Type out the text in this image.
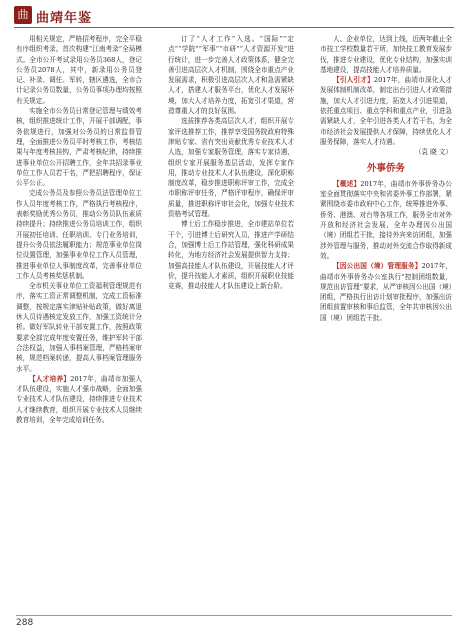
曲 曲靖年鉴

用相关规定，严格招考程序，完全平稳有序组织考录。首次构建“江南考录”全局模式。全市公开考试录用公务员368人，登记公务员2078人，其中，新录用公务员登记、补录、调任、军转，辖区遴选，全市合计记录公务员数量，公务员事项办理均按照有关规定。

实施全市公务员日常登记管理与绩效考核，组织推进统计工作，开展干部调配，事务依规进行，加强对公务员的日常监督管理，全面推进公务员平时考核工作，考核结果与年度考核挂钩，严肃考核纪律，持续推进事业单位公开招聘工作，全年共招录事业单位工作人员若干名，严把招聘程序，保证公平公正。

完成公务员及参照公务员法管理单位工作人员年度考核工作，严格执行考核程序，表彰奖励优秀公务员，推动公务员队伍素质持续提升；持续推进公务员培训工作，组织开展初任培训、任职培训、专门业务培训，提升公务员依法履职能力；规范事业单位岗位设置管理，加强事业单位工作人员管理，推进事业单位人事制度改革，完善事业单位工作人员考核奖惩机制。

全市机关事业单位工资福利管理规范有序，落实工资正常调整机制，完成工资标准调整，按规定落实津贴补贴政策，做好离退休人员待遇核定发放工作，加强工资统计分析。做好军队转业干部安置工作，按照政策要求全部完成年度安置任务，维护军转干部合法权益，加强人事档案管理，严格档案审核，规范档案转递，提高人事档案管理服务水平。

【人才培养】2017年，曲靖市加强人才队伍建设，实施人才强市战略，全面加强专业技术人才队伍建设，持续推进专业技术人才继续教育，组织开展专业技术人员继续教育培训，全年完成培训任务。

订了“人才工作”入选。“国际”“定点”“学院”“军事”“市研”“人才资源开发”进行统计，进一步完善人才政策体系，健全完善引进高层次人才机制，围绕全市重点产业发展需求，积极引进高层次人才和急需紧缺人才，搭建人才服务平台，优化人才发展环境，加大人才培养力度，拓宽引才渠道，营造尊重人才的良好氛围。

选拔推荐各类高层次人才，组织开展专家评选推荐工作，推荐享受国务院政府特殊津贴专家、省有突出贡献优秀专业技术人才人选，加强专家服务管理，落实专家待遇，组织专家开展服务基层活动，发挥专家作用，推动专业技术人才队伍建设，深化职称制度改革，稳步推进职称评审工作，完成全市职称评审任务，严格评审程序，确保评审质量，推进职称评审社会化，加强专业技术资格考试管理。

博士后工作稳步推进，全市建站单位若干个，引进博士后研究人员，推进产学研结合，加强博士后工作站管理，强化科研成果转化，为地方经济社会发展提供智力支持；加强高技能人才队伍建设，开展技能人才评价，提升技能人才素质，组织开展职业技能竞赛，推动技能人才队伍建设上新台阶。

人、企业单位，达到上线，近两年截止全市技工学校数量若干所，加快技工教育发展步伐，推进专业建设，优化专业结构，加强实训基地建设，提高技能人才培养质量。

【引人引才】2017年，曲靖市深化人才发展体制机制改革，制定出台引进人才政策措施，加大人才引进力度，拓宽人才引进渠道，依托重点项目、重点学科和重点产业，引进急需紧缺人才，全年引进各类人才若干名，为全市经济社会发展提供人才保障，持续优化人才服务保障，落实人才待遇。

（袁 晓 文）

外事侨务

【概述】2017年，曲靖市外事侨务办公室全面贯彻落实中央和省委外事工作部署，紧紧围绕市委市政府中心工作，统筹推进外事、侨务、港澳、对台等各项工作，服务全市对外开放和经济社会发展，全年办理因公出国（境）团组若干批，接待外宾来访团组，加强涉外管理与服务，推动对外交流合作取得新成效。

【因公出国（境）管理服务】2017年，曲靖市外事侨务办公室执行“控制团组数量，规范出访管理”要求，从严审核因公出国（境）团组，严格执行出访计划审批程序，加强出访团组前置审核和事后监管，全年共审核因公出国（境）团组若干批。

288
